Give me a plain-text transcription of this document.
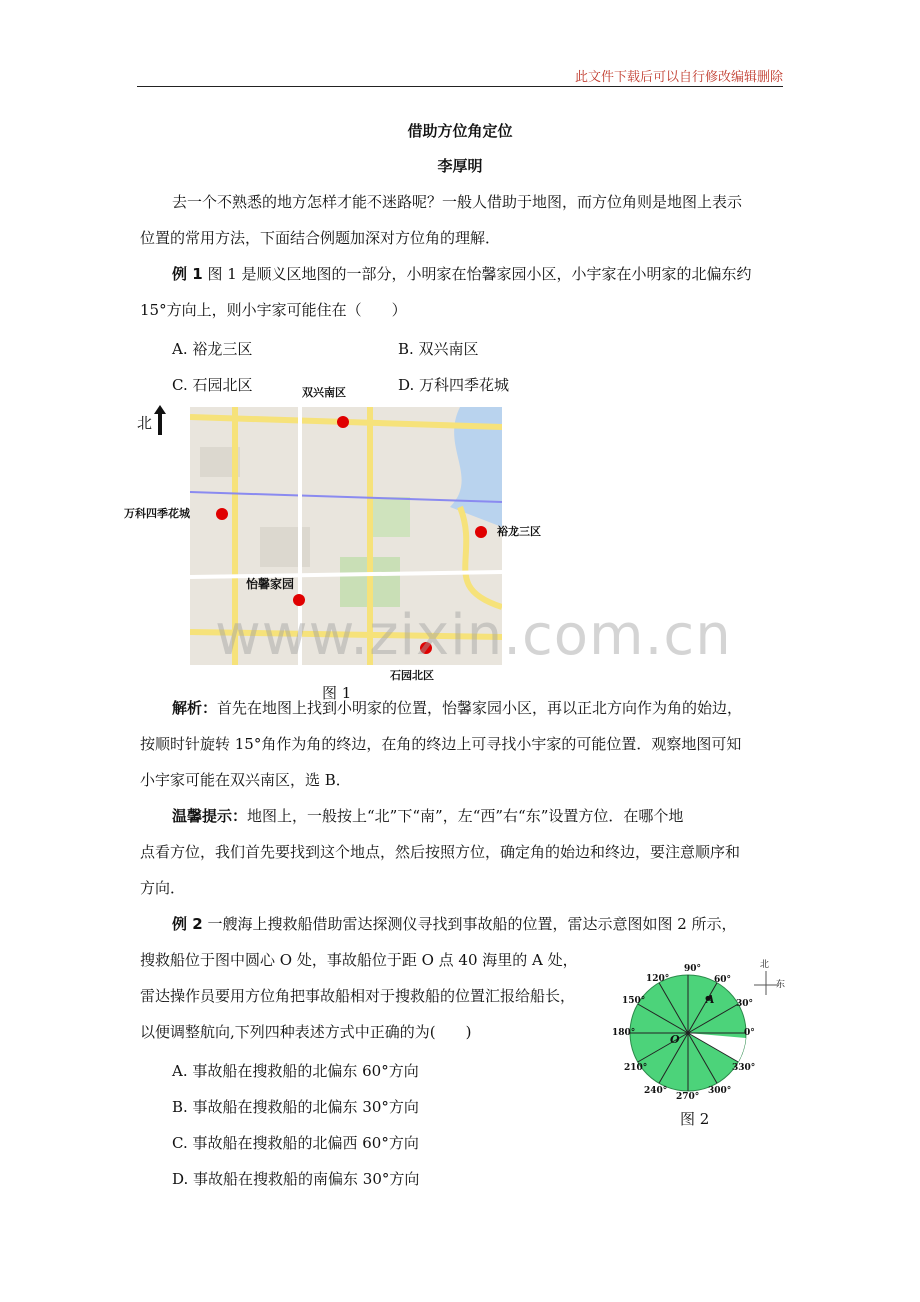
此文件下载后可以自行修改编辑删除
借助方位角定位
李厚明
去一个不熟悉的地方怎样才能不迷路呢？一般人借助于地图，而方位角则是地图上表示
位置的常用方法，下面结合例题加深对方位角的理解．
例 1 图 1 是顺义区地图的一部分，小明家在怡馨家园小区，小宇家在小明家的北偏东约
15°方向上，则小宇家可能住在（　　）
A. 裕龙三区	B. 双兴南区
C. 石园北区	D. 万科四季花城
北
双兴南区
万科四季花城
裕龙三区
怡馨家园
石园北区
图 1
www.zixin.com.cn
解析：首先在地图上找到小明家的位置，怡馨家园小区，再以正北方向作为角的始边，
按顺时针旋转 15°角作为角的终边，在角的终边上可寻找小宇家的可能位置．观察地图可知
小宇家可能在双兴南区，选 B．
温馨提示：地图上，一般按上“北”下“南”，左“西”右“东”设置方位．在哪个地
点看方位，我们首先要找到这个地点，然后按照方位，确定角的始边和终边，要注意顺序和
方向．
例 2 一艘海上搜救船借助雷达探测仪寻找到事故船的位置，雷达示意图如图 2 所示，
搜救船位于图中圆心 O 处，事故船位于距 O 点 40 海里的 A 处，
雷达操作员要用方位角把事故船相对于搜救船的位置汇报给船长，
以便调整航向,下列四种表述方式中正确的为(　　)
A. 事故船在搜救船的北偏东 60°方向
B. 事故船在搜救船的北偏东 30°方向
C. 事故船在搜救船的北偏西 60°方向
D. 事故船在搜救船的南偏东 30°方向
90°
60°
30°
0°
330°
300°
270°
240°
210°
180°
150°
120°
A
O
北
东
图 2
